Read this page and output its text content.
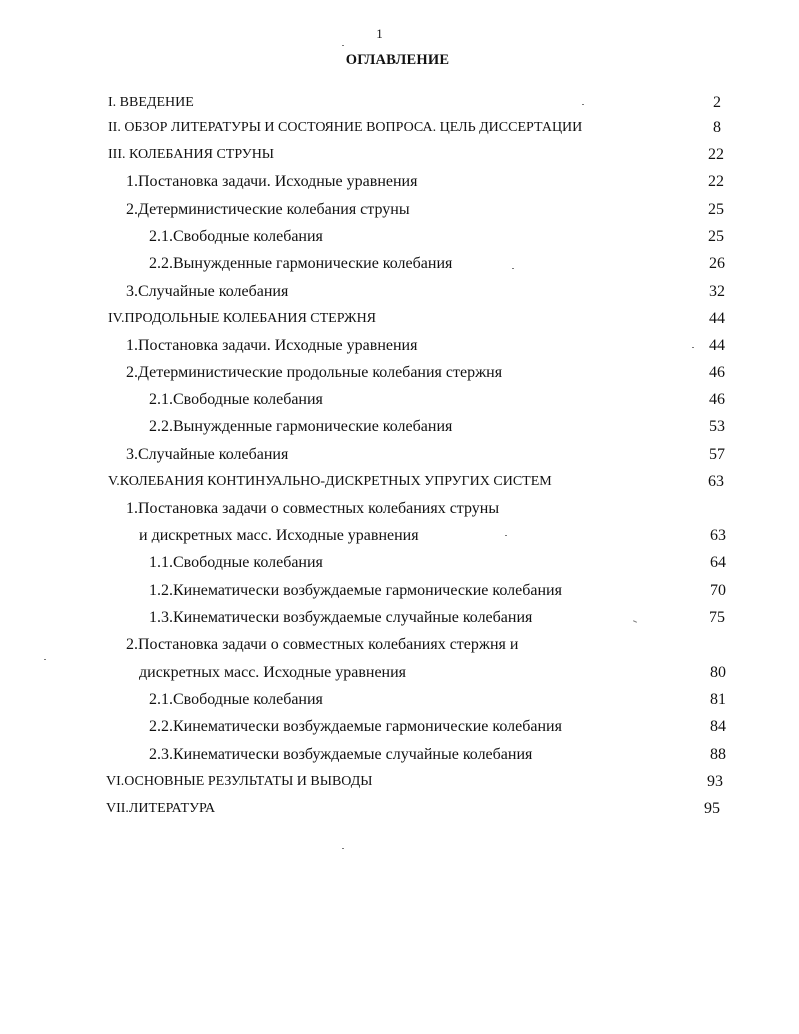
1
ОГЛАВЛЕНИЕ
I. ВВЕДЕНИЕ	2
II. ОБЗОР ЛИТЕРАТУРЫ И СОСТОЯНИЕ ВОПРОСА. ЦЕЛЬ ДИССЕРТАЦИИ	8
III. КОЛЕБАНИЯ СТРУНЫ	22
1.Постановка задачи. Исходные уравнения	22
2.Детерминистические колебания струны	25
2.1.Свободные колебания	25
2.2.Вынужденные гармонические колебания	26
3.Случайные колебания	32
IV.ПРОДОЛЬНЫЕ КОЛЕБАНИЯ СТЕРЖНЯ	44
1.Постановка задачи. Исходные уравнения	44
2.Детерминистические продольные колебания стержня	46
2.1.Свободные колебания	46
2.2.Вынужденные гармонические колебания	53
3.Случайные колебания	57
V.КОЛЕБАНИЯ КОНТИНУАЛЬНО-ДИСКРЕТНЫХ УПРУГИХ СИСТЕМ	63
1.Постановка задачи о совместных колебаниях струны
и дискретных масс. Исходные уравнения	63
1.1.Свободные колебания	64
1.2.Кинематически возбуждаемые гармонические колебания	70
1.3.Кинематически возбуждаемые случайные колебания	75
2.Постановка задачи о совместных колебаниях стержня и
дискретных масс. Исходные уравнения	80
2.1.Свободные колебания	81
2.2.Кинематически возбуждаемые гармонические колебания	84
2.3.Кинематически возбуждаемые случайные колебания	88
VI.ОСНОВНЫЕ РЕЗУЛЬТАТЫ И ВЫВОДЫ	93
VII.ЛИТЕРАТУРА	95
